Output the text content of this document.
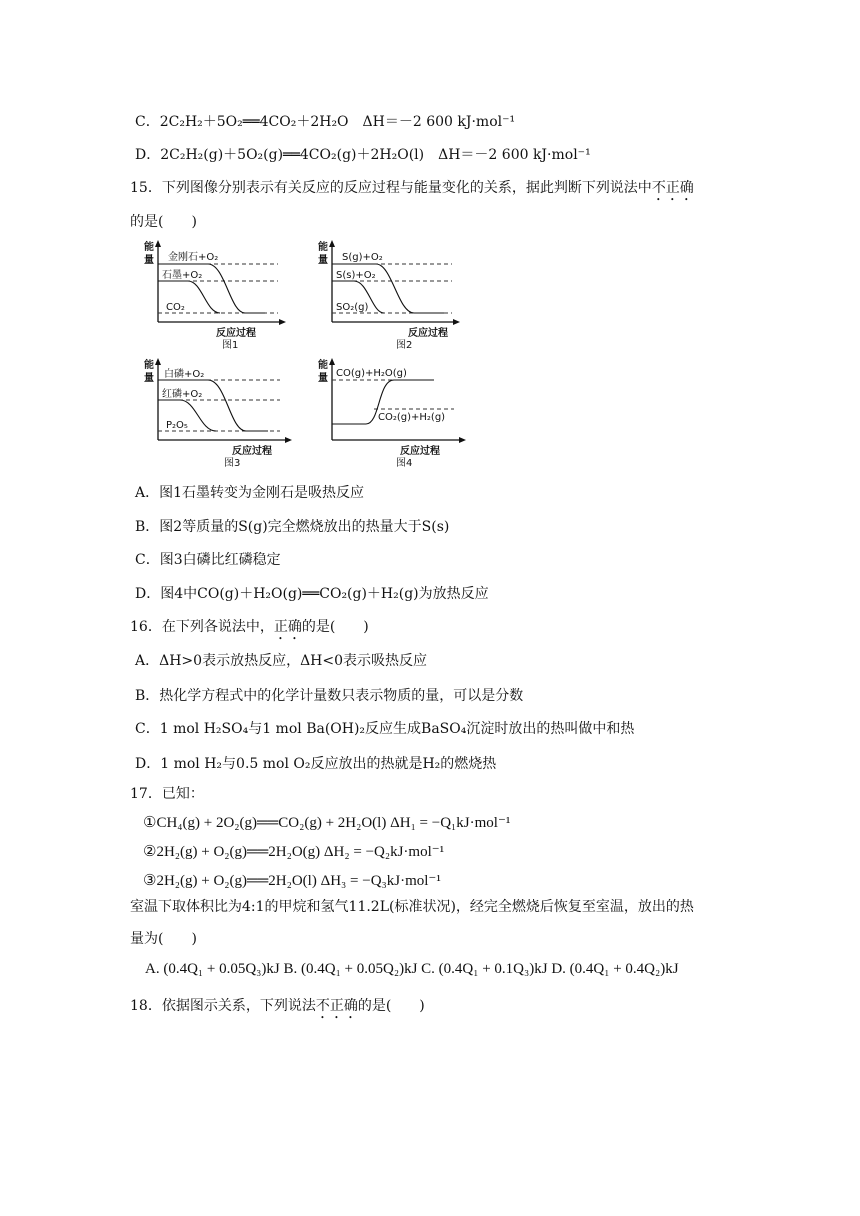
C．2C₂H₂＋5O₂══4CO₂＋2H₂O　ΔH＝－2 600 kJ·mol⁻¹
D．2C₂H₂(g)＋5O₂(g)══4CO₂(g)＋2H₂O(l)　ΔH＝－2 600 kJ·mol⁻¹
15．下列图像分别表示有关反应的反应过程与能量变化的关系，据此判断下列说法中不正确
的是(　　)
能
量 金刚石+O₂
石墨+O₂
CO₂
反应过程
图1
能
量 S(g)+O₂
S(s)+O₂
SO₂(g)
反应过程
图2
能
量 白磷+O₂
红磷+O₂
P₂O₅
反应过程
图3
能
量 CO(g)+H₂O(g)
CO₂(g)+H₂(g)
反应过程
图4
A．图1石墨转变为金刚石是吸热反应
B．图2等质量的S(g)完全燃烧放出的热量大于S(s)
C．图3白磷比红磷稳定
D．图4中CO(g)＋H₂O(g)══CO₂(g)＋H₂(g)为放热反应
16．在下列各说法中，正确的是(　　)
A．ΔH>0表示放热反应，ΔH<0表示吸热反应
B．热化学方程式中的化学计量数只表示物质的量，可以是分数
C．1 mol H₂SO₄与1 mol Ba(OH)₂反应生成BaSO₄沉淀时放出的热叫做中和热
D．1 mol H₂与0.5 mol O₂反应放出的热就是H₂的燃烧热
17．已知：
①CH₄(g) + 2O₂(g)══CO₂(g) + 2H₂O(l) ΔH₁ = −Q₁kJ·mol⁻¹
②2H₂(g) + O₂(g)══2H₂O(g) ΔH₂ = −Q₂kJ·mol⁻¹
③2H₂(g) + O₂(g)══2H₂O(l) ΔH₃ = −Q₃kJ·mol⁻¹
室温下取体积比为4:1的甲烷和氢气11.2L(标准状况)，经完全燃烧后恢复至室温，放出的热
量为(　　)
A. (0.4Q₁ + 0.05Q₃)kJ B. (0.4Q₁ + 0.05Q₂)kJ C. (0.4Q₁ + 0.1Q₃)kJ D. (0.4Q₁ + 0.4Q₂)kJ
18．依据图示关系，下列说法不正确的是(　　)
